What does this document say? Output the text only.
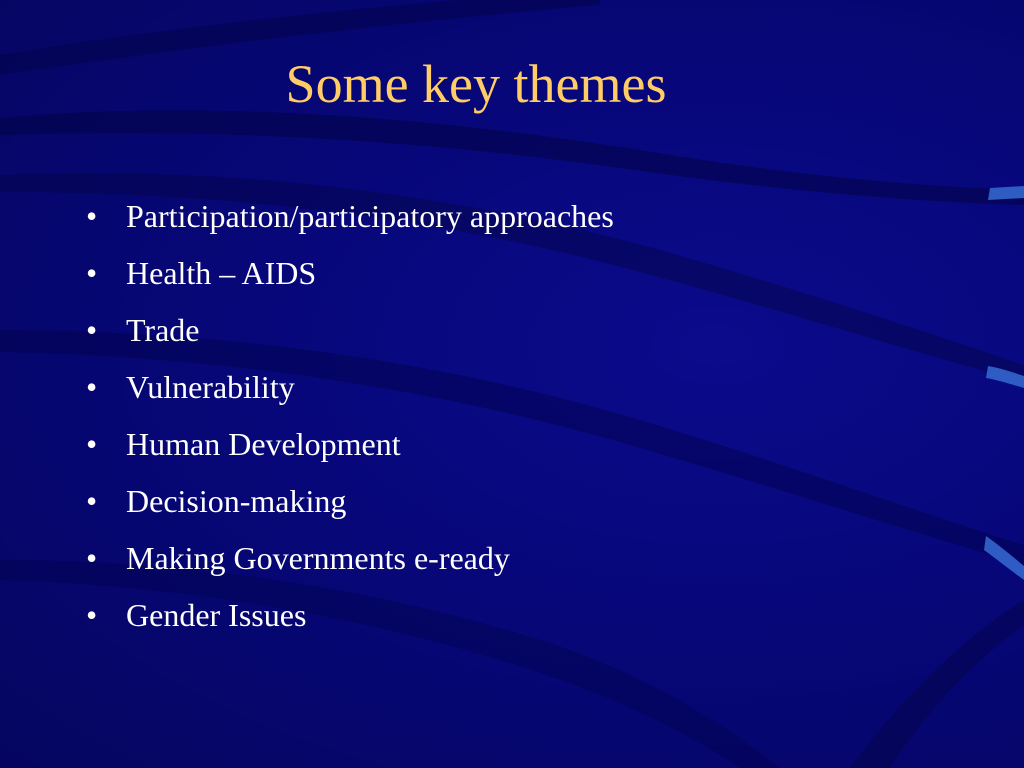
Some key themes
• Participation/participatory approaches
• Health – AIDS
• Trade
• Vulnerability
• Human Development
• Decision-making
• Making Governments e-ready
• Gender Issues
